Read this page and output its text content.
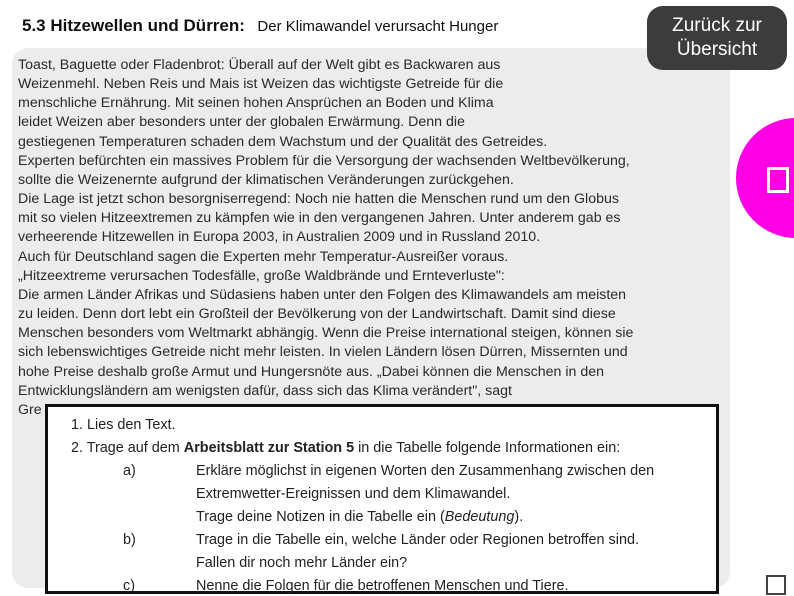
5.3 Hitzewellen und Dürren: Der Klimawandel verursacht Hunger	Zurück zur Übersicht

Toast, Baguette oder Fladenbrot: Überall auf der Welt gibt es Backwaren aus

Weizenmehl. Neben Reis und Mais ist Weizen das wichtigste Getreide für die

menschliche Ernährung. Mit seinen hohen Ansprüchen an Boden und Klima

leidet Weizen aber besonders unter der globalen Erwärmung. Denn die

gestiegenen Temperaturen schaden dem Wachstum und der Qualität des Getreides.

Experten befürchten ein massives Problem für die Versorgung der wachsenden Weltbevölkerung,

sollte die Weizenernte aufgrund der klimatischen Veränderungen zurückgehen.

Die Lage ist jetzt schon besorgniserregend: Noch nie hatten die Menschen rund um den Globus

mit so vielen Hitzeextremen zu kämpfen wie in den vergangenen Jahren. Unter anderem gab es

verheerende Hitzewellen in Europa 2003, in Australien 2009 und in Russland 2010.

Auch für Deutschland sagen die Experten mehr Temperatur-Ausreißer voraus.

„Hitzeextreme verursachen Todesfälle, große Waldbrände und Ernteverluste":

Die armen Länder Afrikas und Südasiens haben unter den Folgen des Klimawandels am meisten

zu leiden. Denn dort lebt ein Großteil der Bevölkerung von der Landwirtschaft. Damit sind diese

Menschen besonders vom Weltmarkt abhängig. Wenn die Preise international steigen, können sie

sich lebenswichtiges Getreide nicht mehr leisten. In vielen Ländern lösen Dürren, Missernten und

hohe Preise deshalb große Armut und Hungersnöte aus. „Dabei können die Menschen in den

Entwicklungsländern am wenigsten dafür, dass sich das Klima verändert", sagt

Gre

1. Lies den Text.
2. Trage auf dem Arbeitsblatt zur Station 5 in die Tabelle folgende Informationen ein:
a)	Erkläre möglichst in eigenen Worten den Zusammenhang zwischen den
Extremwetter-Ereignissen und dem Klimawandel.
Trage deine Notizen in die Tabelle ein (Bedeutung).
b)	Trage in die Tabelle ein, welche Länder oder Regionen betroffen sind.
Fallen dir noch mehr Länder ein?
c)	Nenne die Folgen für die betroffenen Menschen und Tiere.
